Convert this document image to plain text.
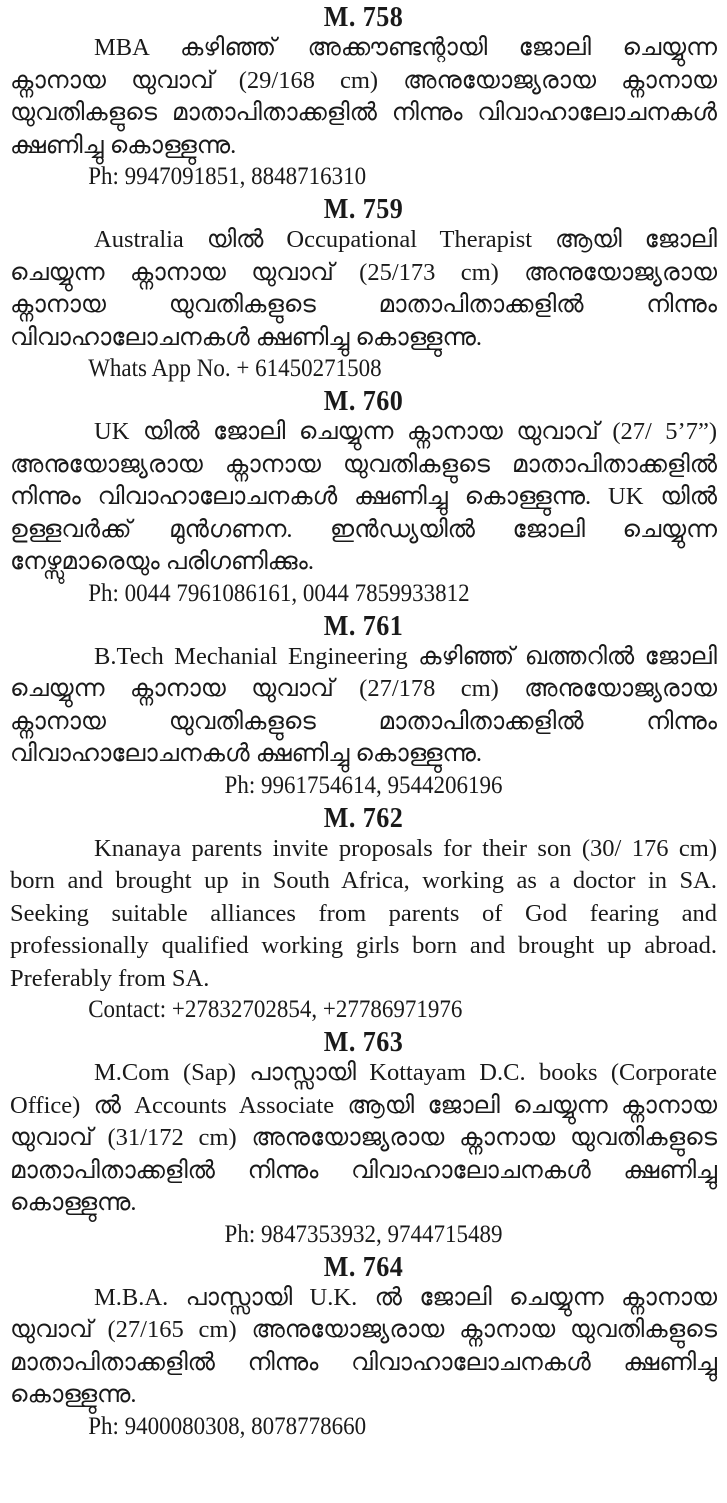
M. 758

MBA കഴിഞ്ഞ് അക്കൗണ്ടന്റായി ജോലി ചെയ്യുന്ന ക്നാനായ യുവാവ് (29/168 cm) അനുയോജ്യരായ ക്നാനായ യുവതികളുടെ മാതാപിതാക്കളിൽ നിന്നും വിവാഹാലോചനകൾ ക്ഷണിച്ചു കൊള്ളുന്നു.

Ph: 9947091851, 8848716310
M. 759

Australia യിൽ Occupational Therapist ആയി ജോലി ചെയ്യുന്ന ക്നാനായ യുവാവ് (25/173 cm) അനുയോജ്യരായ ക്നാനായ യുവതികളുടെ മാതാപിതാക്കളിൽ നിന്നും വിവാഹാലോചനകൾ ക്ഷണിച്ചു കൊള്ളുന്നു.

Whats App No. + 61450271508
M. 760

UK യിൽ ജോലി ചെയ്യുന്ന ക്നാനായ യുവാവ് (27/ 5’7”) അനുയോജ്യരായ ക്നാനായ യുവതികളുടെ മാതാപിതാക്കളിൽ നിന്നും വിവാഹാലോചനകൾ ക്ഷണിച്ചു കൊള്ളുന്നു. UK യിൽ ഉള്ളവർക്ക് മുൻഗണന. ഇൻഡ്യയിൽ ജോലി ചെയ്യുന്ന നേഴ്സുമാരെയും പരിഗണിക്കും.

Ph: 0044 7961086161, 0044 7859933812
M. 761

B.Tech Mechanial Engineering കഴിഞ്ഞ് ഖത്തറിൽ ജോലി ചെയ്യുന്ന ക്നാനായ യുവാവ് (27/178 cm) അനുയോജ്യരായ ക്നാനായ യുവതികളുടെ മാതാപിതാക്കളിൽ നിന്നും വിവാഹാലോചനകൾ ക്ഷണിച്ചു കൊള്ളുന്നു.

Ph: 9961754614, 9544206196
M. 762

Knanaya parents invite proposals for their son (30/ 176 cm) born and brought up in South Africa, working as a doctor in SA. Seeking suitable alliances from parents of God fearing and professionally qualified working girls born and brought up abroad. Preferably from SA.

Contact: +27832702854, +27786971976
M. 763

M.Com (Sap) പാസ്സായി Kottayam D.C. books (Corporate Office) ൽ Accounts Associate ആയി ജോലി ചെയ്യുന്ന ക്നാനായ യുവാവ് (31/172 cm) അനുയോജ്യരായ ക്നാനായ യുവതികളുടെ മാതാപിതാക്കളിൽ നിന്നും വിവാഹാലോചനകൾ ക്ഷണിച്ചു കൊള്ളുന്നു.

Ph: 9847353932, 9744715489
M. 764

M.B.A. പാസ്സായി U.K. ൽ ജോലി ചെയ്യുന്ന ക്നാനായ യുവാവ് (27/165 cm) അനുയോജ്യരായ ക്നാനായ യുവതികളുടെ മാതാപിതാക്കളിൽ നിന്നും വിവാഹാലോചനകൾ ക്ഷണിച്ചു കൊള്ളുന്നു.

Ph: 9400080308, 8078778660
